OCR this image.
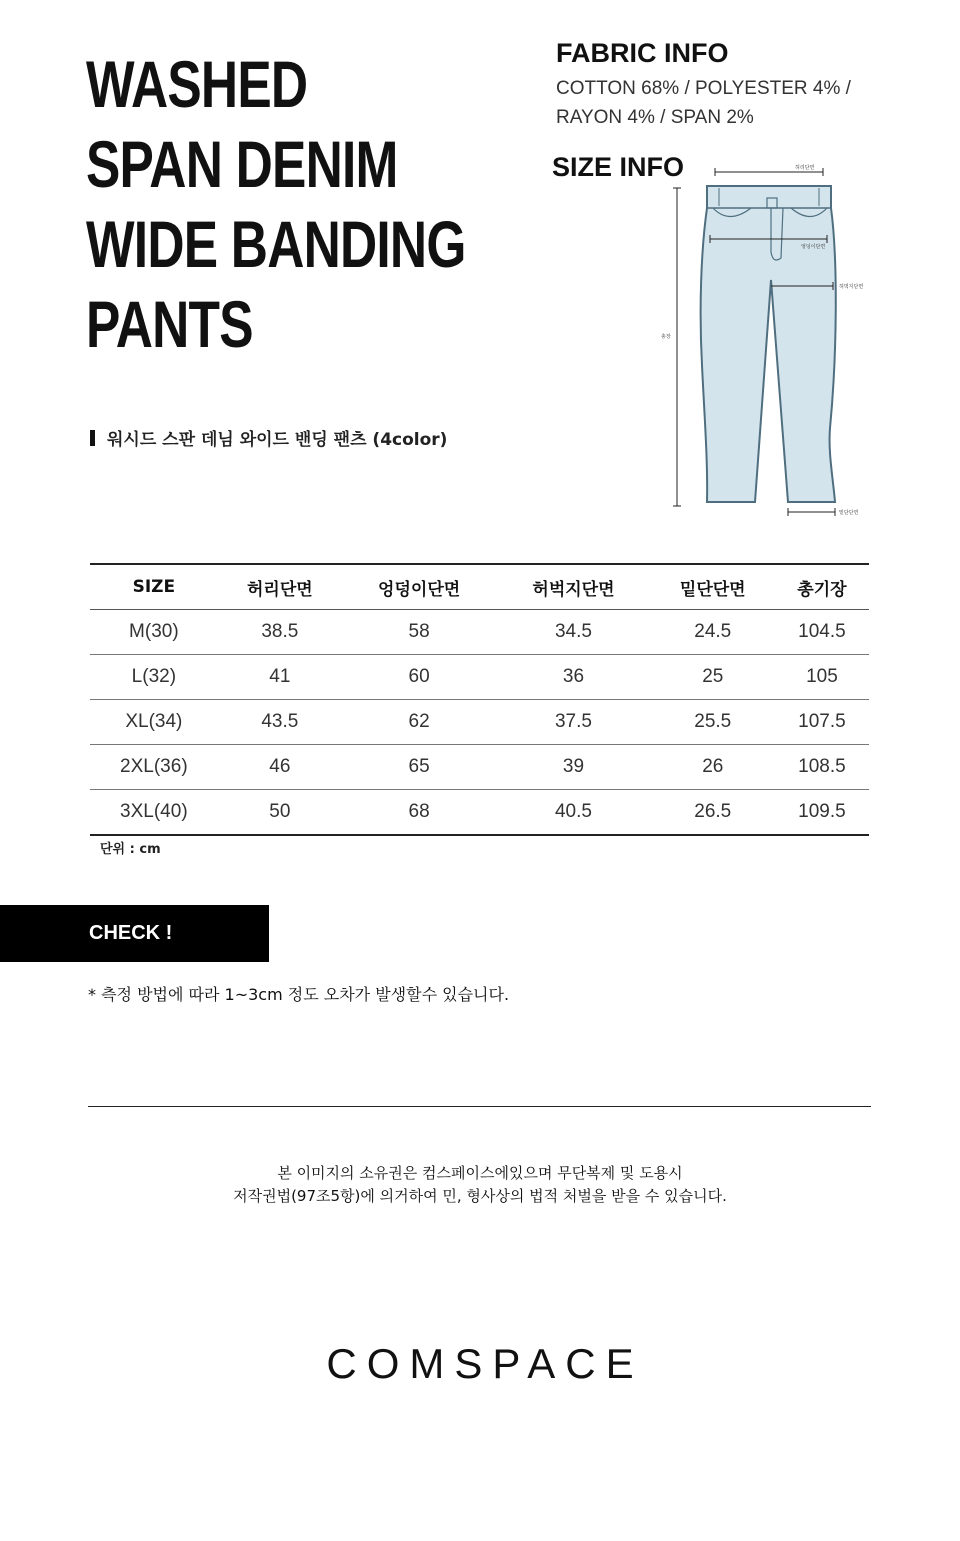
WASHED
SPAN DENIM
WIDE BANDING
PANTS
워시드 스판 데님 와이드 밴딩 팬츠 (4color)
FABRIC INFO
COTTON 68% / POLYESTER 4% /
RAYON 4% / SPAN 2%
SIZE INFO	허리단면
엉덩이단면
허벅지단면
총장
밑단단면
SIZE	허리단면	엉덩이단면	허벅지단면	밑단단면	총기장
M(30)	38.5	58	34.5	24.5	104.5
L(32)	41	60	36	25	105
XL(34)	43.5	62	37.5	25.5	107.5
2XL(36)	46	65	39	26	108.5
3XL(40)	50	68	40.5	26.5	109.5
단위 : cm
CHECK !
* 측정 방법에 따라 1~3cm 정도 오차가 발생할수 있습니다.
본 이미지의 소유권은 컴스페이스에있으며 무단복제 및 도용시
저작권법(97조5항)에 의거하여 민, 형사상의 법적 처벌을 받을 수 있습니다.
COMSPACE
